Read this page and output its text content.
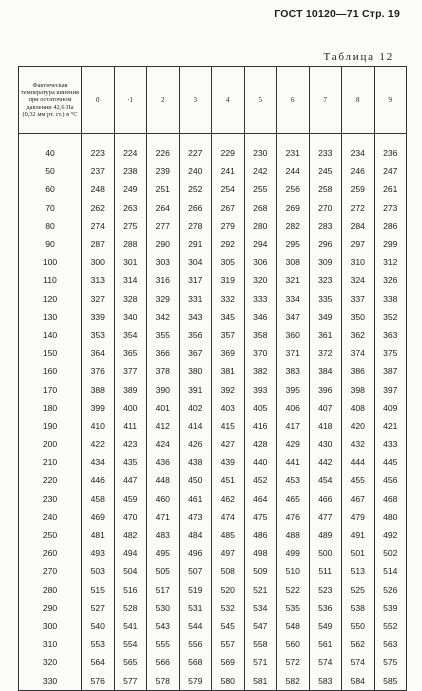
ГОСТ 10120—71 Стр. 19
Таблица 12
Фактическая температура кипения при остаточном давлении 42,6 Па (0,32 мм рт. ст.) в °С	0	·1	2	3	4	5	6	7	8	9

40	223	224	226	227	229	230	231	233	234	236
50	237	238	239	240	241	242	244	245	246	247
60	248	249	251	252	254	255	256	258	259	261
70	262	263	264	266	267	268	269	270	272	273
80	274	275	277	278	279	280	282	283	284	286
90	287	288	290	291	292	294	295	296	297	299
100	300	301	303	304	305	306	308	309	310	312
110	313	314	316	317	319	320	321	323	324	326
120	327	328	329	331	332	333	334	335	337	338
130	339	340	342	343	345	346	347	349	350	352
140	353	354	355	356	357	358	360	361	362	363
150	364	365	366	367	369	370	371	372	374	375
160	376	377	378	380	381	382	383	384	386	387
170	388	389	390	391	392	393	395	396	398	397
180	399	400	401	402	403	405	406	407	408	409
190	410	411	412	414	415	416	417	418	420	421
200	422	423	424	426	427	428	429	430	432	433
210	434	435	436	438	439	440	441	442	444	445
220	446	447	448	450	451	452	453	454	455	456
230	458	459	460	461	462	464	465	466	467	468
240	469	470	471	473	474	475	476	477	479	480
250	481	482	483	484	485	486	488	489	491	492
260	493	494	495	496	497	498	499	500	501	502
270	503	504	505	507	508	509	510	511	513	514
280	515	516	517	519	520	521	522	523	525	526
290	527	528	530	531	532	534	535	536	538	539
300	540	541	543	544	545	547	548	549	550	552
310	553	554	555	556	557	558	560	561	562	563
320	564	565	566	568	569	571	572	574	574	575
330	576	577	578	579	580	581	582	583	584	585
